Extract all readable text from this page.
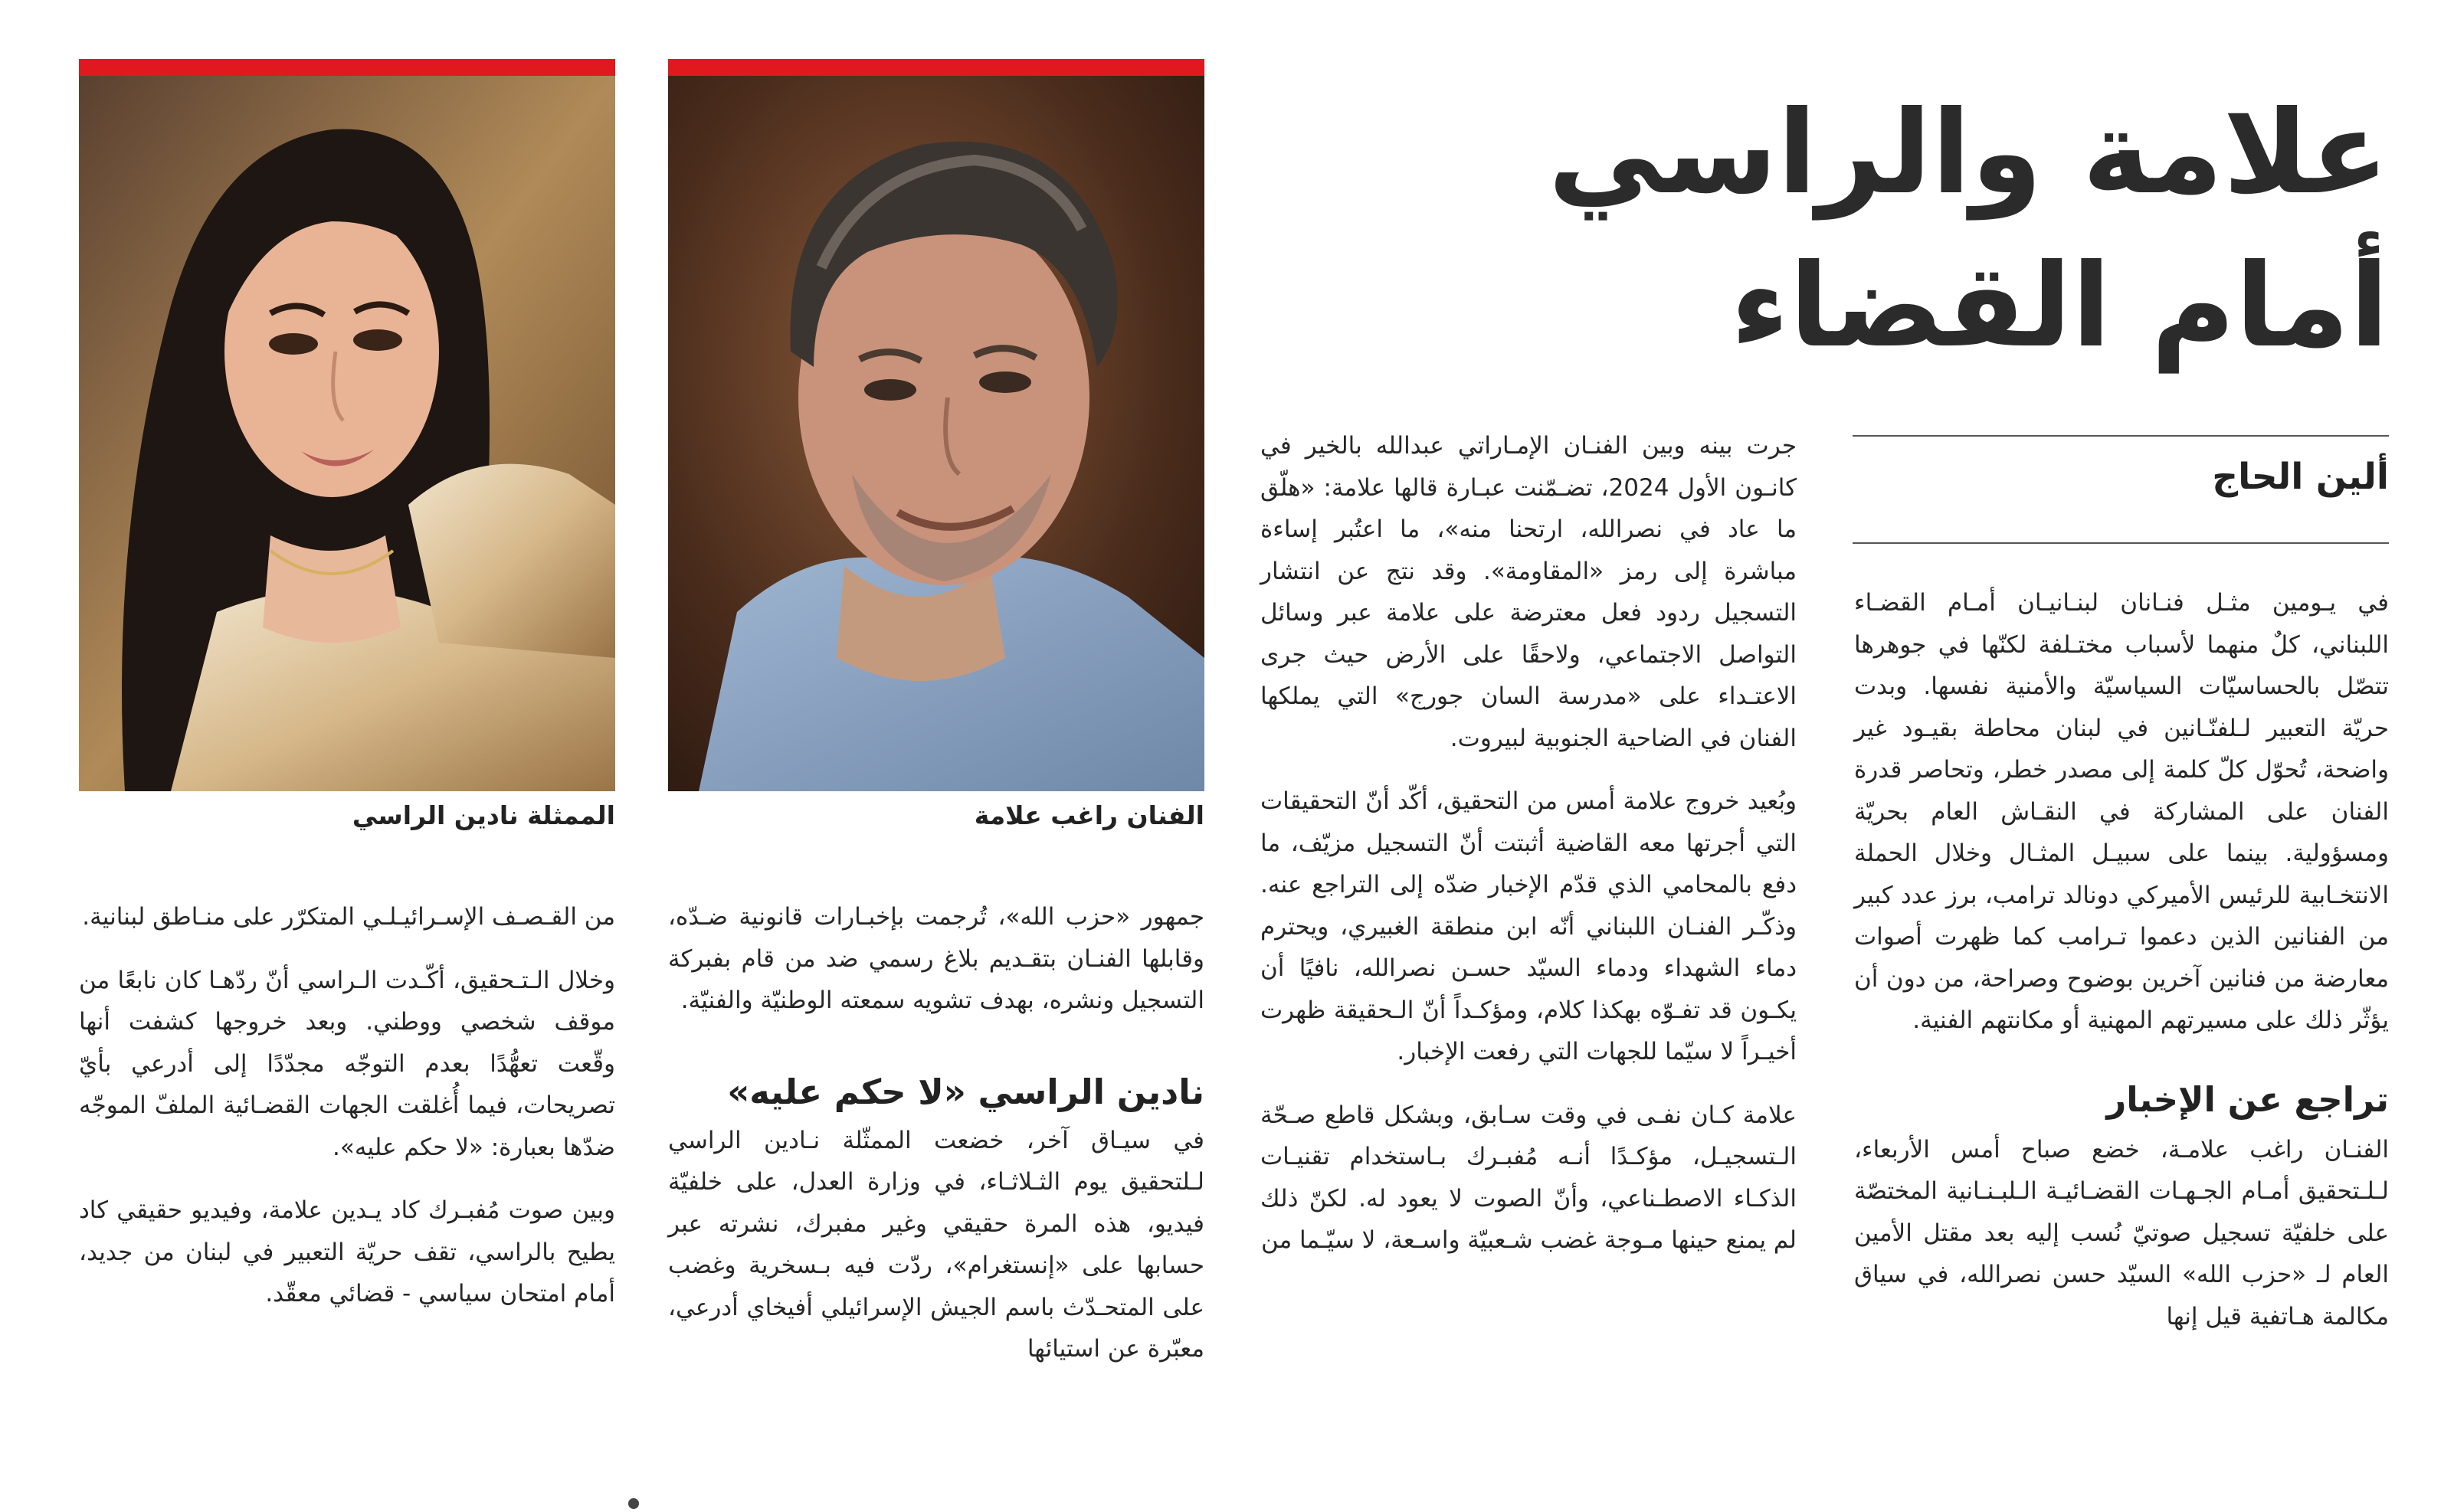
الفنان راغب علامة
الممثلة نادين الراسي
علامة والراسي
أمام القضاء
ألين الحاج

في يـومين مثـل فنـانان لبنـانيـان أمـام القضـاء اللبناني، كلٌ منهما لأسباب مختـلفة لكنّها في جوهرها تتصّل بالحساسيّات السياسيّة والأمنية نفسها. وبدت حريّة التعبير لـلفنّـانين في لبنان محاطة بقيـود غير واضحة، تُحوّل كلّ كلمة إلى مصدر خطر، وتحاصر قدرة الفنان على المشاركة في النقـاش العام بحريّة ومسؤولية. بينما على سبيـل المثـال وخلال الحملة الانتخـابية للرئيس الأميركي دونالد ترامب، برز عدد كبير من الفنانين الذين دعموا تـرامب كما ظهرت أصوات معارضة من فنانين آخرين بوضوح وصراحة، من دون أن يؤثّر ذلك على مسيرتهم المهنية أو مكانتهم الفنية.

تراجع عن الإخبار

الفنـان راغب علامـة، خضع صباح أمس الأربعاء، لـلـتحقيق أمـام الجـهـات القضـائيـة الـلبـنـانية المختصّة على خلفيّة تسجيل صوتيّ نُسب إليه بعد مقتل الأمين العام لـ «حزب الله» السيّد حسن نصرالله، في سياق مكالمة هـاتفية قيل إنها

جرت بينه وبين الفنـان الإمـاراتي عبدالله بالخير في كانـون الأول 2024، تضـمّنت عبـارة قالها علامة: «هلّق ما عاد في نصرالله، ارتحنا منه»، ما اعتُبر إساءة مباشرة إلى رمز «المقاومة». وقد نتج عن انتشار التسجيل ردود فعل معترضة على علامة عبر وسائل التواصل الاجتماعي، ولاحقًا على الأرض حيث جرى الاعتـداء على «مدرسة السان جورج» التي يملكها الفنان في الضاحية الجنوبية لبيروت.

وبُعيد خروج علامة أمس من التحقيق، أكّد أنّ التحقيقات التي أجرتها معه القاضية أثبتت أنّ التسجيل مزيّف، ما دفع بالمحامي الذي قدّم الإخبار ضدّه إلى التراجع عنه. وذكّـر الفنـان اللبناني أنّه ابن منطقة الغبيري، ويحترم دماء الشهداء ودماء السيّد حسـن نصرالله، نافيًا أن يكـون قد تفـوّه بهكذا كلام، ومؤكـداً أنّ الـحقيقة ظهرت أخيـراً لا سيّما للجهات التي رفعت الإخبار.

علامة كـان نفـى في وقت سـابق، وبشكل قاطع صـحّة الـتسجيـل، مؤكـدًا أنـه مُفبـرك بـاستخدام تقنيـات الذكـاء الاصطـناعي، وأنّ الصوت لا يعود له. لكنّ ذلك لم يمنع حينها مـوجة غضب شـعبيّة واسـعة، لا سيّـما من

جمهور «حزب الله»، تُرجمت بإخبـارات قانونية ضـدّه، وقابلها الفنـان بتقـديم بلاغ رسمي ضد من قام بفبركة التسجيل ونشره، بهدف تشويه سمعته الوطنيّة والفنيّة.

نادين الراسي «لا حكم عليه»

في سيـاق آخر، خضعت الممثّلة نـادين الراسي لـلتحقيق يوم الثـلاثـاء، في وزارة العدل، على خلفيّة فيديو، هذه المرة حقيقي وغير مفبرك، نشرته عبر حسابها على «إنستغرام»، ردّت فيه بـسخرية وغضب على المتحـدّث باسم الجيش الإسرائيلي أفيخاي أدرعي، معبّرة عن استيائها

من القـصـف الإسـرائيـلـي المتكرّر على منـاطق لبنانية.

وخلال الـتـحقيق، أكّـدت الـراسي أنّ ردّهـا كان نابعًا من موقف شخصي ووطني. وبعد خروجها كشفت أنها وقّعت تعهُّدًا بعدم التوجّه مجدّدًا إلى أدرعي بأيّ تصريحات، فيما أُغلقت الجهات القضـائية الملفّ الموجّه ضدّها بعبارة: «لا حكم عليه».

وبين صوت مُفبـرك كاد يـدين علامة، وفيديو حقيقي كاد يطيح بالراسي، تقف حريّة التعبير في لبنان من جديد، أمام امتحان سياسي - قضائي معقّد.
